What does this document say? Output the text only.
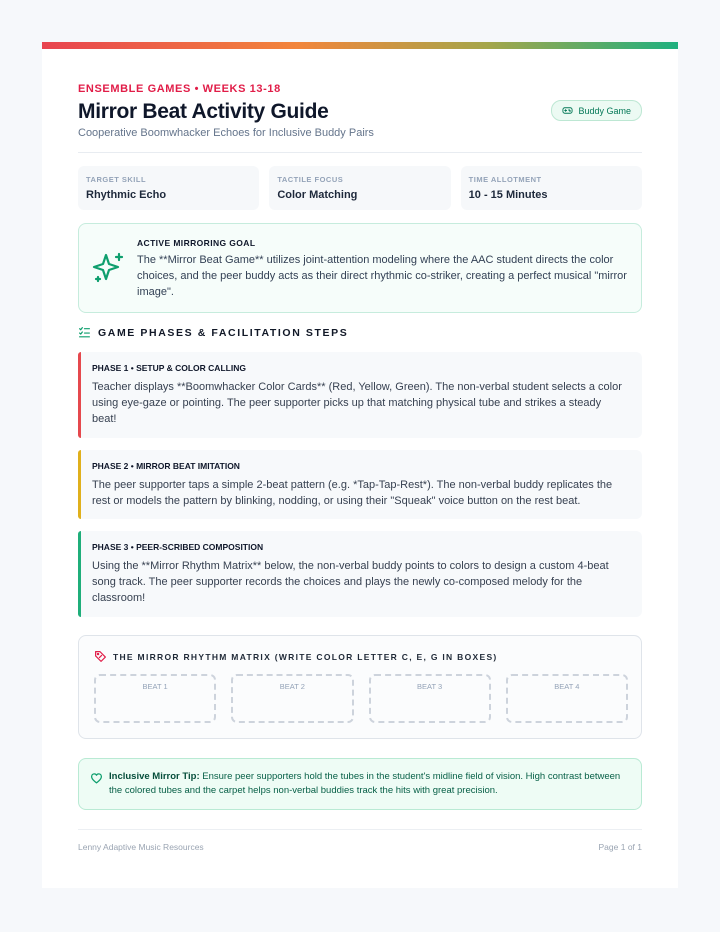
ENSEMBLE GAMES • WEEKS 13-18
Mirror Beat Activity Guide
Cooperative Boomwhacker Echoes for Inclusive Buddy Pairs
Buddy Game
TARGET SKILL
Rhythmic Echo
TACTILE FOCUS
Color Matching
TIME ALLOTMENT
10 - 15 Minutes
ACTIVE MIRRORING GOAL
The **Mirror Beat Game** utilizes joint-attention modeling where the AAC student directs the color choices, and the peer buddy acts as their direct rhythmic co-striker, creating a perfect musical "mirror image".
GAME PHASES & FACILITATION STEPS
PHASE 1 • SETUP & COLOR CALLING
Teacher displays **Boomwhacker Color Cards** (Red, Yellow, Green). The non-verbal student selects a color using eye-gaze or pointing. The peer supporter picks up that matching physical tube and strikes a steady beat!
PHASE 2 • MIRROR BEAT IMITATION
The peer supporter taps a simple 2-beat pattern (e.g. *Tap-Tap-Rest*). The non-verbal buddy replicates the rest or models the pattern by blinking, nodding, or using their "Squeak" voice button on the rest beat.
PHASE 3 • PEER-SCRIBED COMPOSITION
Using the **Mirror Rhythm Matrix** below, the non-verbal buddy points to colors to design a custom 4-beat song track. The peer supporter records the choices and plays the newly co-composed melody for the classroom!
THE MIRROR RHYTHM MATRIX (WRITE COLOR LETTER C, E, G IN BOXES)
BEAT 1	BEAT 2	BEAT 3	BEAT 4
Inclusive Mirror Tip: Ensure peer supporters hold the tubes in the student's midline field of vision. High contrast between the colored tubes and the carpet helps non-verbal buddies track the hits with great precision.
Lenny Adaptive Music Resources	Page 1 of 1
